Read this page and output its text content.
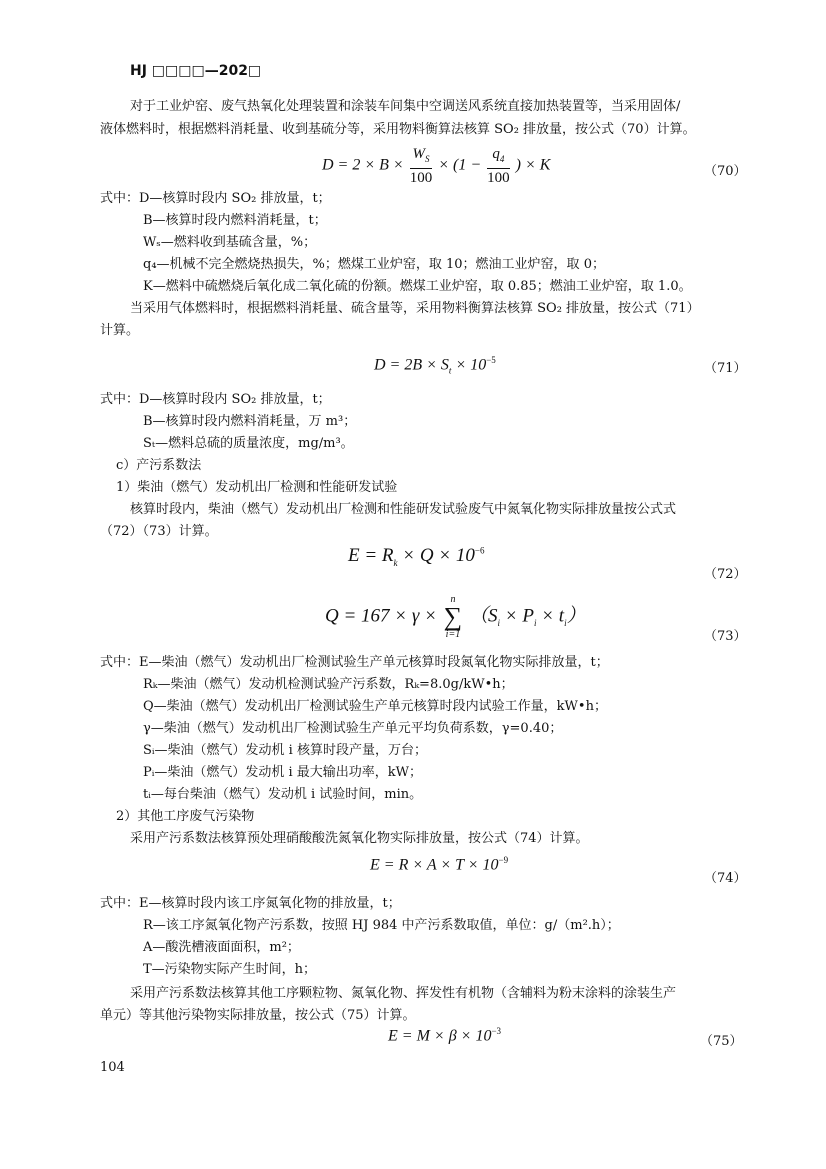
HJ □□□□—202□
对于工业炉窑、废气热氧化处理装置和涂装车间集中空调送风系统直接加热装置等，当采用固体/
液体燃料时，根据燃料消耗量、收到基硫分等，采用物料衡算法核算 SO₂ 排放量，按公式（70）计算。
$D = 2 \times B \times \frac{W_S}{100} \times (1 - \frac{q_4}{100}$ ) × K	（70）
式中：D—核算时段内 SO₂ 排放量，t；
B—核算时段内燃料消耗量，t；
Wₛ—燃料收到基硫含量，%；
q₄—机械不完全燃烧热损失，%；燃煤工业炉窑，取 10；燃油工业炉窑，取 0；
K—燃料中硫燃烧后氧化成二氧化硫的份额。燃煤工业炉窑，取 0.85；燃油工业炉窑，取 1.0。
当采用气体燃料时，根据燃料消耗量、硫含量等，采用物料衡算法核算 SO₂ 排放量，按公式（71）
计算。
$D = 2B \times S_t \times 10^{-5}$
（71）
式中：D—核算时段内 SO₂ 排放量，t；
B—核算时段内燃料消耗量，万 m³；
Sₜ—燃料总硫的质量浓度，mg/m³。
c）产污系数法
1）柴油（燃气）发动机出厂检测和性能研发试验
核算时段内，柴油（燃气）发动机出厂检测和性能研发试验废气中氮氧化物实际排放量按公式式
（72）（73）计算。
$E = R_k \times Q \times 10^{-6}$
（72）
Q = 167 × γ ×
n
∑
i=1
$(S_i \times P_i \times t_i)$
（73）
式中：E—柴油（燃气）发动机出厂检测试验生产单元核算时段氮氧化物实际排放量，t；
Rₖ—柴油（燃气）发动机检测试验产污系数，Rₖ=8.0g/kW•h；
Q—柴油（燃气）发动机出厂检测试验生产单元核算时段内试验工作量，kW•h；
γ—柴油（燃气）发动机出厂检测试验生产单元平均负荷系数，γ=0.40；
Sᵢ—柴油（燃气）发动机 i 核算时段产量，万台；
Pᵢ—柴油（燃气）发动机 i 最大输出功率，kW；
tᵢ—每台柴油（燃气）发动机 i 试验时间，min。
2）其他工序废气污染物
采用产污系数法核算预处理硝酸酸洗氮氧化物实际排放量，按公式（74）计算。
$E = R \times A \times T \times 10^{-9}$
（74）
式中：E—核算时段内该工序氮氧化物的排放量，t；
R—该工序氮氧化物产污系数，按照 HJ 984 中产污系数取值，单位：g/（m².h）；
A—酸洗槽液面面积，m²；
T—污染物实际产生时间，h；
采用产污系数法核算其他工序颗粒物、氮氧化物、挥发性有机物（含辅料为粉末涂料的涂装生产
单元）等其他污染物实际排放量，按公式（75）计算。
$E = M \times \beta \times 10^{-3}$
（75）
104
